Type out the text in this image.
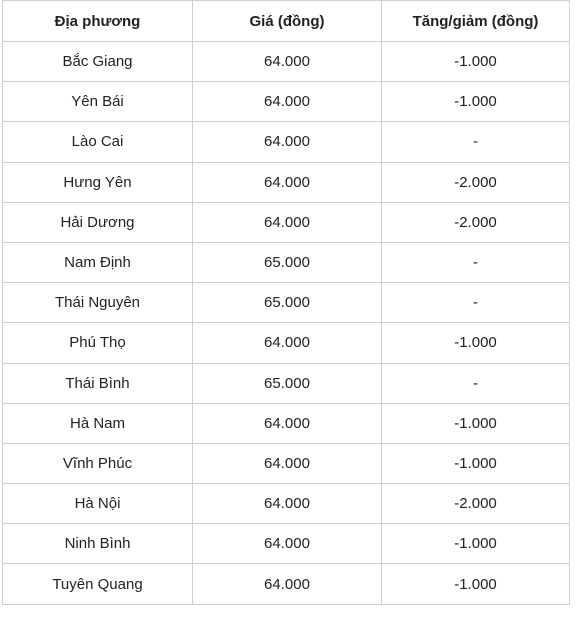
Địa phương	Giá (đồng)	Tăng/giảm (đồng)
Bắc Giang	64.000	-1.000
Yên Bái	64.000	-1.000
Lào Cai	64.000	-
Hưng Yên	64.000	-2.000
Hải Dương	64.000	-2.000
Nam Định	65.000	-
Thái Nguyên	65.000	-
Phú Thọ	64.000	-1.000
Thái Bình	65.000	-
Hà Nam	64.000	-1.000
Vĩnh Phúc	64.000	-1.000
Hà Nội	64.000	-2.000
Ninh Bình	64.000	-1.000
Tuyên Quang	64.000	-1.000
